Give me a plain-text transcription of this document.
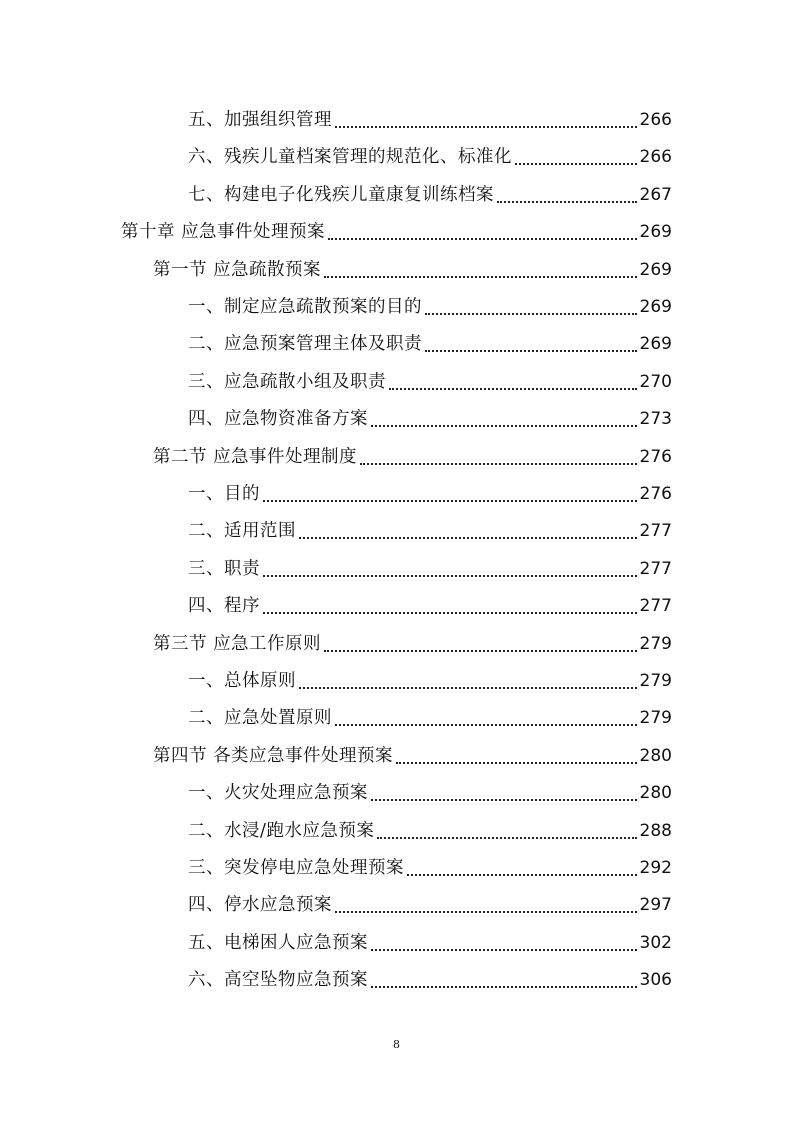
五、加强组织管理	266
六、残疾儿童档案管理的规范化、标准化	266
七、构建电子化残疾儿童康复训练档案	267
第十章 应急事件处理预案	269
第一节 应急疏散预案	269
一、制定应急疏散预案的目的	269
二、应急预案管理主体及职责	269
三、应急疏散小组及职责	270
四、应急物资准备方案	273
第二节 应急事件处理制度	276
一、目的	276
二、适用范围	277
三、职责	277
四、程序	277
第三节 应急工作原则	279
一、总体原则	279
二、应急处置原则	279
第四节 各类应急事件处理预案	280
一、火灾处理应急预案	280
二、水浸/跑水应急预案	288
三、突发停电应急处理预案	292
四、停水应急预案	297
五、电梯困人应急预案	302
六、高空坠物应急预案	306
8
